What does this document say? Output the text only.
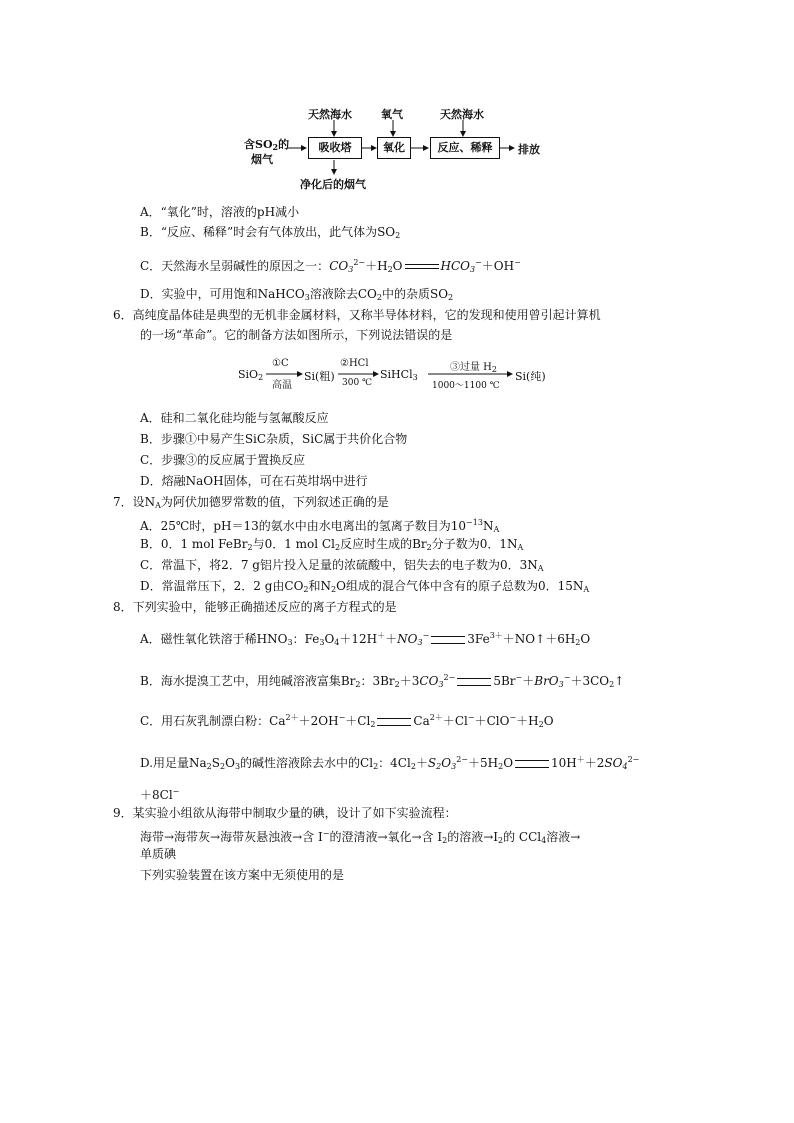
含$SO_2$的
烟气
吸收塔	氧化	反应、稀释
天然海水	氧气	天然海水
净化后的烟气
排放
A．“氧化”时，溶液的pH减小
B．“反应、稀释”时会有气体放出，此气体为$SO_2$
C．天然海水呈弱碱性的原因之一：$CO_3^{2-}+H_2O$	$HCO_3^-+OH^-$
D．实验中，可用饱和NaHCO$_3$溶液除去$CO_2$中的杂质$SO_2$
6．高纯度晶体硅是典型的无机非金属材料，又称半导体材料，它的发现和使用曾引起计算机
的一场“革命”。它的制备方法如图所示，下列说法错误的是
SiO$_2$
①C
高温
Si(粗)
②HCl
300 ℃
SiHCl$_3$
③过量 $H_2$
1000～1100 ℃
Si(纯)
A．硅和二氧化硅均能与氢氟酸反应
B．步骤①中易产生SiC杂质，SiC属于共价化合物
C．步骤③的反应属于置换反应
D．熔融NaOH固体，可在石英坩埚中进行
7．设$N_A$为阿伏加德罗常数的值，下列叙述正确的是
A．25℃时，pH＝13的氨水中由水电离出的氢离子数目为$10^{-13}N_A$
B．0．1 mol FeBr$_2$与0．1 mol $Cl_2$反应时生成的$Br_2$分子数为0．$1N_A$
C．常温下，将2．7 g铝片投入足量的浓硫酸中，铝失去的电子数为0．$3N_A$
D．常温常压下，2．2 g由$CO_2$和$N_2O$组成的混合气体中含有的原子总数为0．$15N_A$
8．下列实验中，能够正确描述反应的离子方程式的是
A．磁性氧化铁溶于稀$HNO_3$：$Fe_3O_4+12H^++NO_3^-$	$3Fe^{3+}+NO↑+6H_2O$
B．海水提溴工艺中，用纯碱溶液富集$Br_2$：$3Br_2+3CO_3^{2-}$	$5Br^-+BrO_3^-+3CO_2↑$
C．用石灰乳制漂白粉：$Ca^{2+}+2OH^-+Cl_2$	$Ca^{2+}+Cl^-+ClO^-+H_2O$
D.用足量$Na_2S_2O_3$的碱性溶液除去水中的$Cl_2$：$4Cl_2+S_2O_3^{2-}+5H_2O$	$10H^++2SO_4^{2-}$
＋8Cl−
9．某实验小组欲从海带中制取少量的碘，设计了如下实验流程：
海带→海带灰→海带灰悬浊液→含 I−的澄清液→氧化→含 $I_2$的溶液$\to I_2$的 CCl$_4$溶液→
单质碘
下列实验装置在该方案中无须使用的是
